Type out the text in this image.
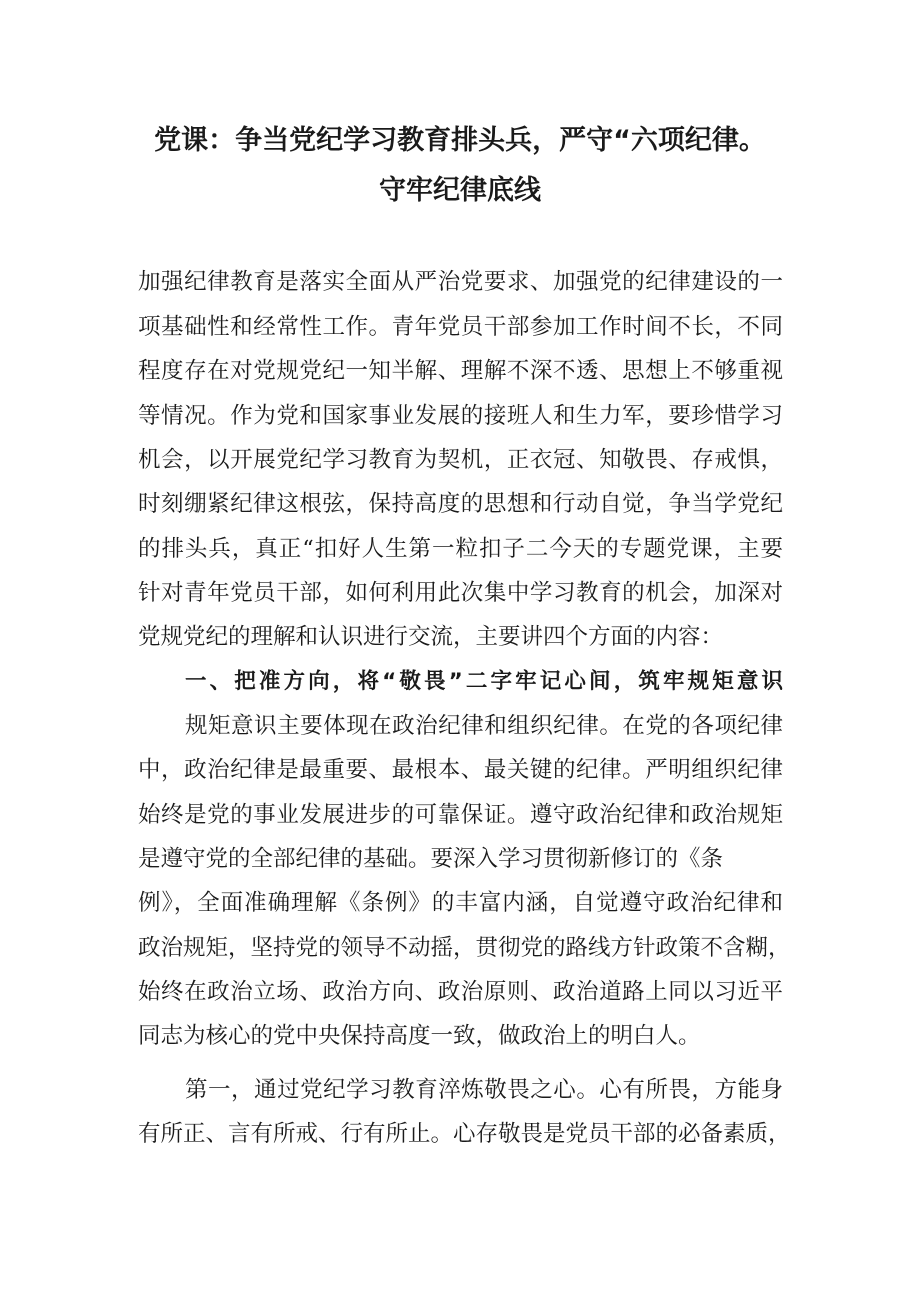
党课：争当党纪学习教育排头兵，严守“六项纪律。
守牢纪律底线
加强纪律教育是落实全面从严治党要求、加强党的纪律建设的一
项基础性和经常性工作。青年党员干部参加工作时间不长，不同
程度存在对党规党纪一知半解、理解不深不透、思想上不够重视
等情况。作为党和国家事业发展的接班人和生力军，要珍惜学习
机会，以开展党纪学习教育为契机，正衣冠、知敬畏、存戒惧，
时刻绷紧纪律这根弦，保持高度的思想和行动自觉，争当学党纪
的排头兵，真正“扣好人生第一粒扣子二今天的专题党课，主要
针对青年党员干部，如何利用此次集中学习教育的机会，加深对
党规党纪的理解和认识进行交流，主要讲四个方面的内容：
一、把准方向，将“敬畏”二字牢记心间，筑牢规矩意识
规矩意识主要体现在政治纪律和组织纪律。在党的各项纪律
中，政治纪律是最重要、最根本、最关键的纪律。严明组织纪律
始终是党的事业发展进步的可靠保证。遵守政治纪律和政治规矩
是遵守党的全部纪律的基础。要深入学习贯彻新修订的《条
例》，全面准确理解《条例》的丰富内涵，自觉遵守政治纪律和
政治规矩，坚持党的领导不动摇，贯彻党的路线方针政策不含糊，
始终在政治立场、政治方向、政治原则、政治道路上同以习近平
同志为核心的党中央保持高度一致，做政治上的明白人。
第一，通过党纪学习教育淬炼敬畏之心。心有所畏，方能身
有所正、言有所戒、行有所止。心存敬畏是党员干部的必备素质，
